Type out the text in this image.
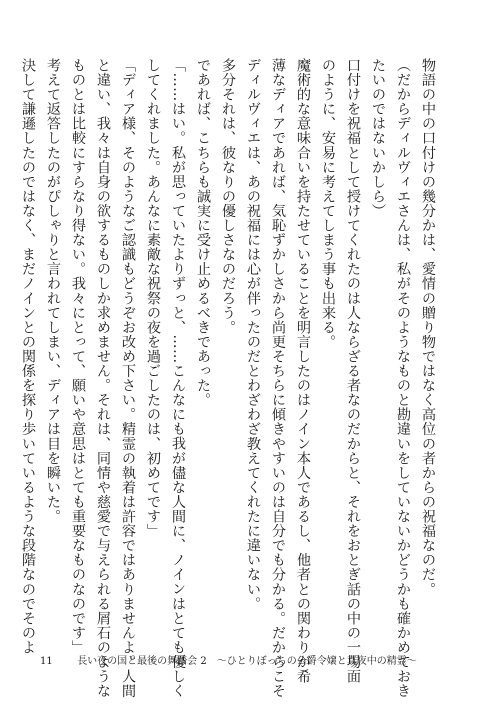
物語の中の口付けの幾分かは、愛情の贈り物ではなく高位の者からの祝福なのだ。
（だからディルヴィエさんは、私がそのようなものと勘違いをしていないかどうかも確かめておき
たいのではないかしら）
口付けを祝福として授けてくれたのは人ならざる者なのだからと、それをおとぎ話の中の一場面
のように、安易に考えてしまう事も出来る。
魔術的な意味合いを持たせていることを明言したのはノイン本人であるし、他者との関わりが希
薄なディアであれば、気恥ずかしさから尚更そちらに傾きやすいのは自分でも分かる。だからこそ
ディルヴィエは、あの祝福には心が伴ったのだとわざわざ教えてくれたに違いない。
多分それは、彼なりの優しさなのだろう。
であれば、こちらも誠実に受け止めるべきであった。
「……はい。私が思っていたよりずっと、……こんなにも我が儘な人間に、ノインはとても優しく
してくれました。あんなに素敵な祝祭の夜を過ごしたのは、初めてです」
「ディア様、そのようなご認識もどうぞお改め下さい。精霊の執着は許容ではありませんよ。人間
と違い、我々は自身の欲するものしか求めません。それは、同情や慈愛で与えられる屑石のような
ものとは比較にすらなり得ない。我々にとって、願いや意思はとても重要なものなのです」
考えて返答したのがぴしゃりと言われてしまい、ディアは目を瞬いた。
決して謙遜したのではなく、まだノインとの関係を探り歩いているような段階なのでそのよ
11 長い夜の国と最後の舞踏会 2　〜ひとりぼっちの公爵令嬢と真夜中の精霊〜
